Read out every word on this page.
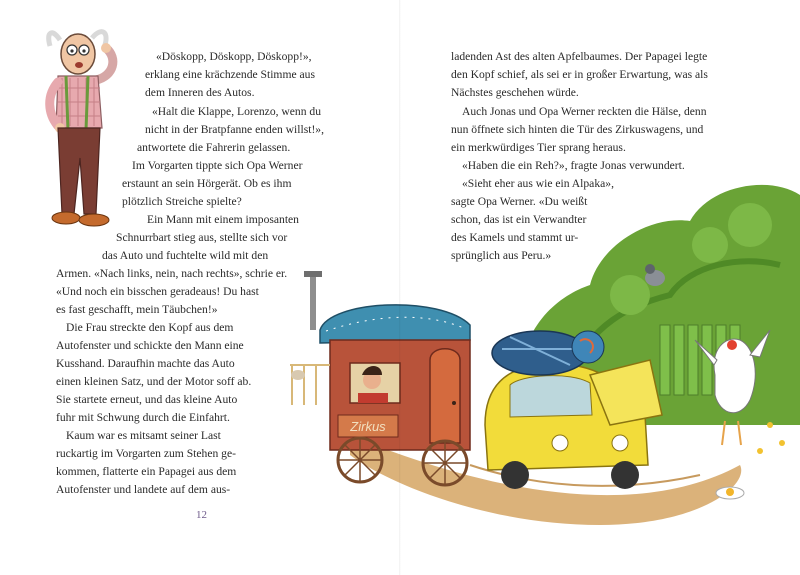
«Döskopp, Döskopp, Döskopp!»,
erklang eine krächzende Stimme aus
dem Inneren des Autos.
«Halt die Klappe, Lorenzo, wenn du
nicht in der Bratpfanne enden willst!»,
antwortete die Fahrerin gelassen.
Im Vorgarten tippte sich Opa Werner
erstaunt an sein Hörgerät. Ob es ihm
plötzlich Streiche spielte?
Ein Mann mit einem imposanten
Schnurrbart stieg aus, stellte sich vor
das Auto und fuchtelte wild mit den
Armen. «Nach links, nein, nach rechts», schrie er.
«Und noch ein bisschen geradeaus! Du hast
es fast geschafft, mein Täubchen!»
Die Frau streckte den Kopf aus dem
Autofenster und schickte den Mann eine
Kusshand. Daraufhin machte das Auto
einen kleinen Satz, und der Motor soff ab.
Sie startete erneut, und das kleine Auto
fuhr mit Schwung durch die Einfahrt.
Kaum war es mitsamt seiner Last
ruckartig im Vorgarten zum Stehen ge-
kommen, flatterte ein Papagei aus dem
Autofenster und landete auf dem aus-
12
ladenden Ast des alten Apfelbaumes. Der Papagei legte
den Kopf schief, als sei er in großer Erwartung, was als
Nächstes geschehen würde.
Auch Jonas und Opa Werner reckten die Hälse, denn
nun öffnete sich hinten die Tür des Zirkuswagens, und
ein merkwürdiges Tier sprang heraus.
«Haben die ein Reh?», fragte Jonas verwundert.
«Sieht eher aus wie ein Alpaka»,
sagte Opa Werner. «Du weißt
schon, das ist ein Verwandter
des Kamels und stammt ur-
sprünglich aus Peru.»
Zirkus
